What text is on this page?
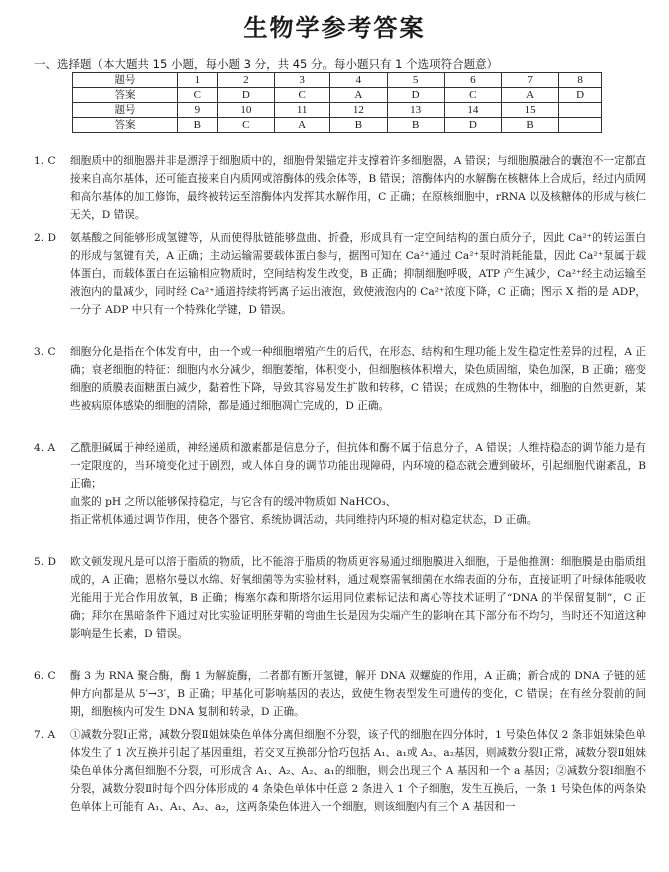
生物学参考答案
一、选择题（本大题共 15 小题，每小题 3 分，共 45 分。每小题只有 1 个选项符合题意）
题号	1	2	3	4	5	6	7	8
答案	C	D	C	A	D	C	A	D
题号	9	10	11	12	13	14	15	
答案	B	C	A	B	B	D	B	
1. C	细胞质中的细胞器并非是漂浮于细胞质中的，细胞骨架锚定并支撑着许多细胞器，A 错误；与细胞膜融合的囊泡不一定都直接来自高尔基体，还可能直接来自内质网或溶酶体的残余体等，B 错误；溶酶体内的水解酶在核糖体上合成后，经过内质网和高尔基体的加工修饰，最终被转运至溶酶体内发挥其水解作用，C 正确；在原核细胞中，rRNA 以及核糖体的形成与核仁无关，D 错误。

2. D	氨基酸之间能够形成氢键等，从而使得肽链能够盘曲、折叠，形成具有一定空间结构的蛋白质分子，因此 Ca²⁺的转运蛋白的形成与氢键有关，A 正确；主动运输需要载体蛋白参与，据图可知在 Ca²⁺通过 Ca²⁺泵时消耗能量，因此 Ca²⁺泵属于载体蛋白，而载体蛋白在运输相应物质时，空间结构发生改变，B 正确；抑制细胞呼吸，ATP 产生减少，Ca²⁺经主动运输至液泡内的量减少，同时经 Ca²⁺通道持续将钙离子运出液泡，致使液泡内的 Ca²⁺浓度下降，C 正确；图示 X 指的是 ADP，一分子 ADP 中只有一个特殊化学键，D 错误。

3. C	细胞分化是指在个体发育中，由一个或一种细胞增殖产生的后代，在形态、结构和生理功能上发生稳定性差异的过程，A 正确；衰老细胞的特征：细胞内水分减少，细胞萎缩，体积变小，但细胞核体积增大，染色质固缩，染色加深，B 正确；癌变细胞的质膜表面糖蛋白减少，黏着性下降，导致其容易发生扩散和转移，C 错误；在成熟的生物体中，细胞的自然更新，某些被病原体感染的细胞的清除，都是通过细胞凋亡完成的，D 正确。

4. A	乙酰胆碱属于神经递质，神经递质和激素都是信息分子，但抗体和酶不属于信息分子，A 错误；人维持稳态的调节能力是有一定限度的，当环境变化过于剧烈，或人体自身的调节功能出现障碍，内环境的稳态就会遭到破坏，引起细胞代谢紊乱，B 正确；

血浆的 pH 之所以能够保持稳定，与它含有的缓冲物质如 NaHCO₃、

指正常机体通过调节作用，使各个器官、系统协调活动，共同维持内环境的相对稳定状态，D 正确。

5. D	欧文顿发现凡是可以溶于脂质的物质，比不能溶于脂质的物质更容易通过细胞膜进入细胞，于是他推测：细胞膜是由脂质组成的，A 正确；恩格尔曼以水绵、好氧细菌等为实验材料，通过观察需氧细菌在水绵表面的分布，直接证明了叶绿体能吸收光能用于光合作用放氧，B 正确；梅塞尔森和斯塔尔运用同位素标记法和离心等技术证明了“DNA 的半保留复制”，C 正确；拜尔在黑暗条件下通过对比实验证明胚芽鞘的弯曲生长是因为尖端产生的影响在其下部分布不均匀，当时还不知道这种影响是生长素，D 错误。

6. C	酶 3 为 RNA 聚合酶，酶 1 为解旋酶，二者都有断开氢键，解开 DNA 双螺旋的作用，A 正确；新合成的 DNA 子链的延伸方向都是从 5′→3′，B 正确；甲基化可影响基因的表达，致使生物表型发生可遗传的变化，C 错误；在有丝分裂前的间期，细胞核内可发生 DNA 复制和转录，D 正确。

7. A	①减数分裂Ⅰ正常，减数分裂Ⅱ姐妹染色单体分离但细胞不分裂，该子代的细胞在四分体时，1 号染色体仅 2 条非姐妹染色单体发生了 1 次互换并引起了基因重组，若交叉互换部分恰巧包括 A₁、a₁或 A₂、a₂基因，则减数分裂Ⅰ正常，减数分裂Ⅱ姐妹染色单体分离但细胞不分裂，可形成含 A₁、A₂、A₂、a₁的细胞，则会出现三个 A 基因和一个 a 基因；②减数分裂Ⅰ细胞不分裂，减数分裂Ⅱ时每个四分体形成的 4 条染色单体中任意 2 条进入 1 个子细胞，发生互换后，一条 1 号染色体的两条染色单体上可能有 A₁、A₁、A₂、a₂，这两条染色体进入一个细胞，则该细胞内有三个 A 基因和一
